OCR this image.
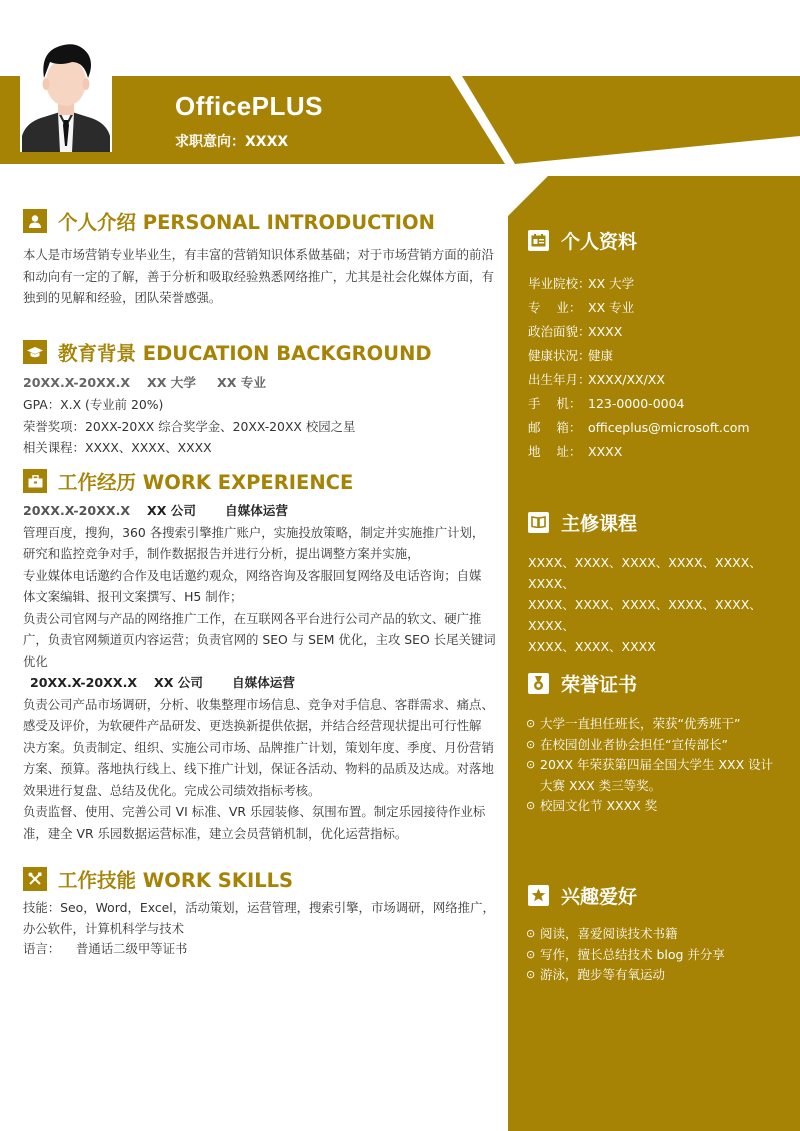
OfficePLUS
求职意向：XXXX
个人资料
毕业院校：
XX 大学
专    业： XX 专业
政治面貌：
XXXX
健康状况：
健康
出生年月：
XXXX/XX/XX
手    机： 123-0000-0004
邮    箱： officeplus@microsoft.com
地    址： XXXX
主修课程
XXXX、XXXX、XXXX、XXXX、XXXX、XXXX、
XXXX、XXXX、XXXX、XXXX、XXXX、XXXX、
XXXX、XXXX、XXXX
荣誉证书
⊙ 大学一直担任班长，荣获“优秀班干”
⊙ 在校园创业者协会担任“宣传部长”
⊙ 20XX 年荣获第四届全国大学生 XXX 设计大赛 XXX 类三等奖。
⊙ 校园文化节 XXXX 奖
兴趣爱好
⊙ 阅读，喜爱阅读技术书籍
⊙ 写作，擅长总结技术 blog 并分享
⊙ 游泳，跑步等有氧运动
个人介绍 PERSONAL INTRODUCTION
本人是市场营销专业毕业生，有丰富的营销知识体系做基础；对于市场营销方面的前沿
和动向有一定的了解，善于分析和吸取经验熟悉网络推广，尤其是社会化媒体方面，有
独到的见解和经验，团队荣誉感强。
教育背景 EDUCATION BACKGROUND
20XX.X-20XX.X XX 大学 XX 专业
GPA：X.X (专业前 20%)
荣誉奖项：20XX-20XX 综合奖学金、20XX-20XX 校园之星
相关课程：XXXX、XXXX、XXXX
工作经历 WORK EXPERIENCE
20XX.X-20XX.X XX 公司 自媒体运营
管理百度，搜狗，360 各搜索引擎推广账户，实施投放策略，制定并实施推广计划，
研究和监控竞争对手，制作数据报告并进行分析，提出调整方案并实施，
专业媒体电话邀约合作及电话邀约观众，网络咨询及客服回复网络及电话咨询；自媒
体文案编辑、报刊文案撰写、H5 制作；
负责公司官网与产品的网络推广工作，在互联网各平台进行公司产品的软文、硬广推
广，负责官网频道页内容运营；负责官网的 SEO 与 SEM 优化，主攻 SEO 长尾关键词
优化
20XX.X-20XX.X XX 公司 自媒体运营
负责公司产品市场调研，分析、收集整理市场信息、竞争对手信息、客群需求、痛点、
感受及评价，为软硬件产品研发、更迭换新提供依据，并结合经营现状提出可行性解
决方案。负责制定、组织、实施公司市场、品牌推广计划，策划年度、季度、月份营销
方案、预算。落地执行线上、线下推广计划，保证各活动、物料的品质及达成。对落地
效果进行复盘、总结及优化。完成公司绩效指标考核。
负责监督、使用、完善公司 VI 标准、VR 乐园装修、氛围布置。制定乐园接待作业标
准，建全 VR 乐园数据运营标准，建立会员营销机制，优化运营指标。
工作技能 WORK SKILLS
技能：Seo，Word，Excel，活动策划，运营管理，搜索引擎，市场调研，网络推广，
办公软件，计算机科学与技术
语言：    普通话二级甲等证书
